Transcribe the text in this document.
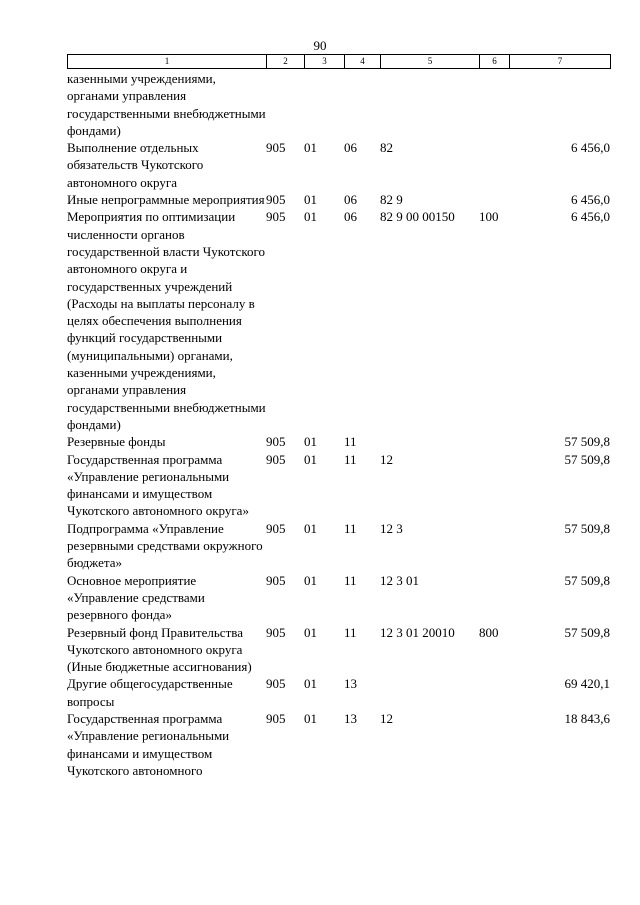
90
1	2	3	4	5	6	7
казенными учреждениями, органами управления государственными внебюджетными фондами)						
Выполнение отдельных обязательств Чукотского автономного округа	905	01	06	82		6 456,0
Иные непрограммные мероприятия	905	01	06	82 9		6 456,0
Мероприятия по оптимизации численности органов государственной власти Чукотского автономного округа и государственных учреждений (Расходы на выплаты персоналу в целях обеспечения выполнения функций государственными (муниципальными) органами, казенными учреждениями, органами управления государственными внебюджетными фондами)	905	01	06	82 9 00 00150	100	6 456,0
Резервные фонды	905	01	11			57 509,8
Государственная программа «Управление региональными финансами и имуществом Чукотского автономного округа»	905	01	11	12		57 509,8
Подпрограмма «Управление резервными средствами окружного бюджета»	905	01	11	12 3		57 509,8
Основное мероприятие «Управление средствами резервного фонда»	905	01	11	12 3 01		57 509,8
Резервный фонд Правительства Чукотского автономного округа (Иные бюджетные ассигнования)	905	01	11	12 3 01 20010	800	57 509,8
Другие общегосударственные вопросы	905	01	13			69 420,1
Государственная программа «Управление региональными финансами и имуществом Чукотского автономного	905	01	13	12		18 843,6
